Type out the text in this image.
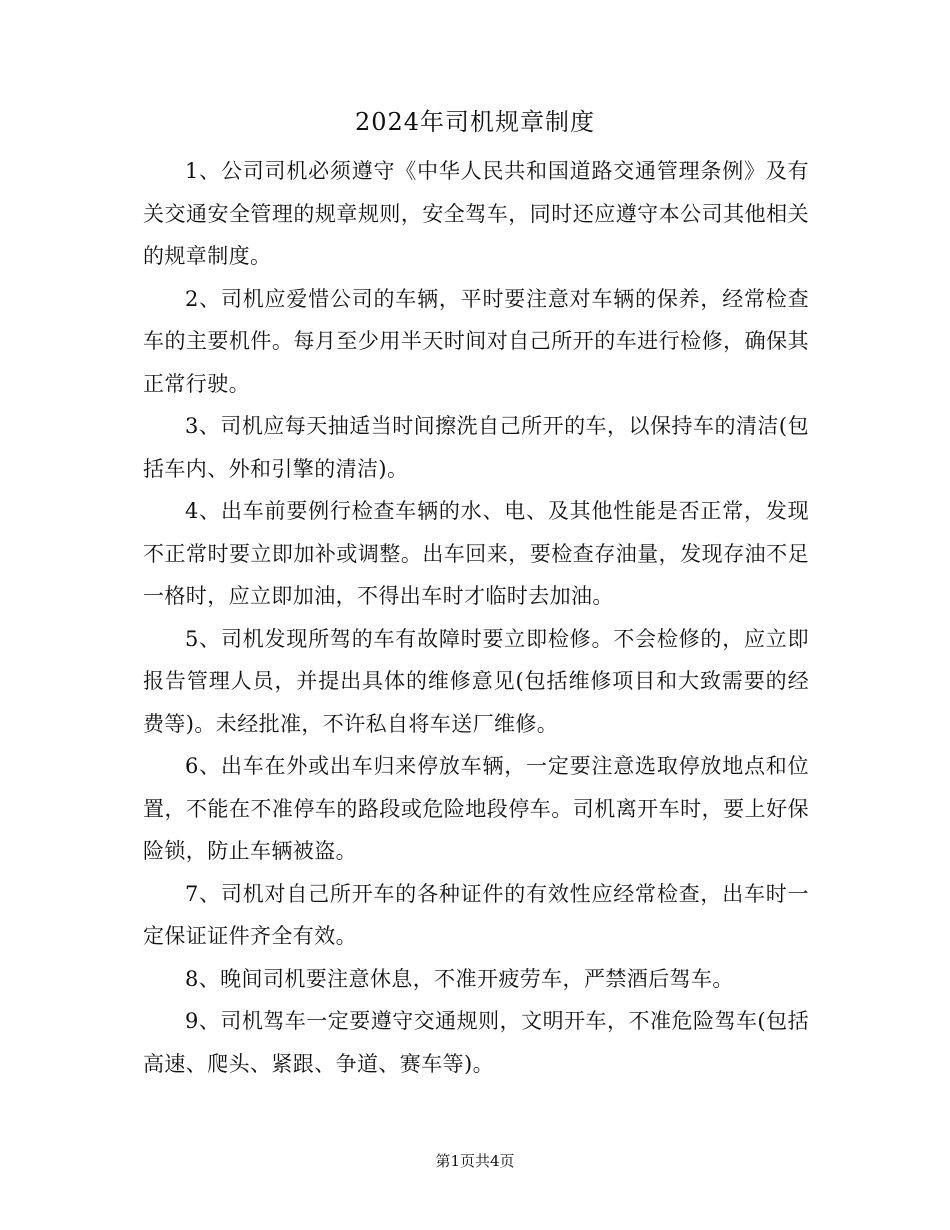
2024年司机规章制度

1、公司司机必须遵守《中华人民共和国道路交通管理条例》及有关交通安全管理的规章规则，安全驾车，同时还应遵守本公司其他相关的规章制度。

2、司机应爱惜公司的车辆，平时要注意对车辆的保养，经常检查车的主要机件。每月至少用半天时间对自己所开的车进行检修，确保其正常行驶。

3、司机应每天抽适当时间擦洗自己所开的车，以保持车的清洁(包括车内、外和引擎的清洁)。

4、出车前要例行检查车辆的水、电、及其他性能是否正常，发现不正常时要立即加补或调整。出车回来，要检查存油量，发现存油不足一格时，应立即加油，不得出车时才临时去加油。

5、司机发现所驾的车有故障时要立即检修。不会检修的，应立即报告管理人员，并提出具体的维修意见(包括维修项目和大致需要的经费等)。未经批准，不许私自将车送厂维修。

6、出车在外或出车归来停放车辆，一定要注意选取停放地点和位置，不能在不准停车的路段或危险地段停车。司机离开车时，要上好保险锁，防止车辆被盗。

7、司机对自己所开车的各种证件的有效性应经常检查，出车时一定保证证件齐全有效。

8、晚间司机要注意休息，不准开疲劳车，严禁酒后驾车。

9、司机驾车一定要遵守交通规则，文明开车，不准危险驾车(包括高速、爬头、紧跟、争道、赛车等)。

第1页共4页
